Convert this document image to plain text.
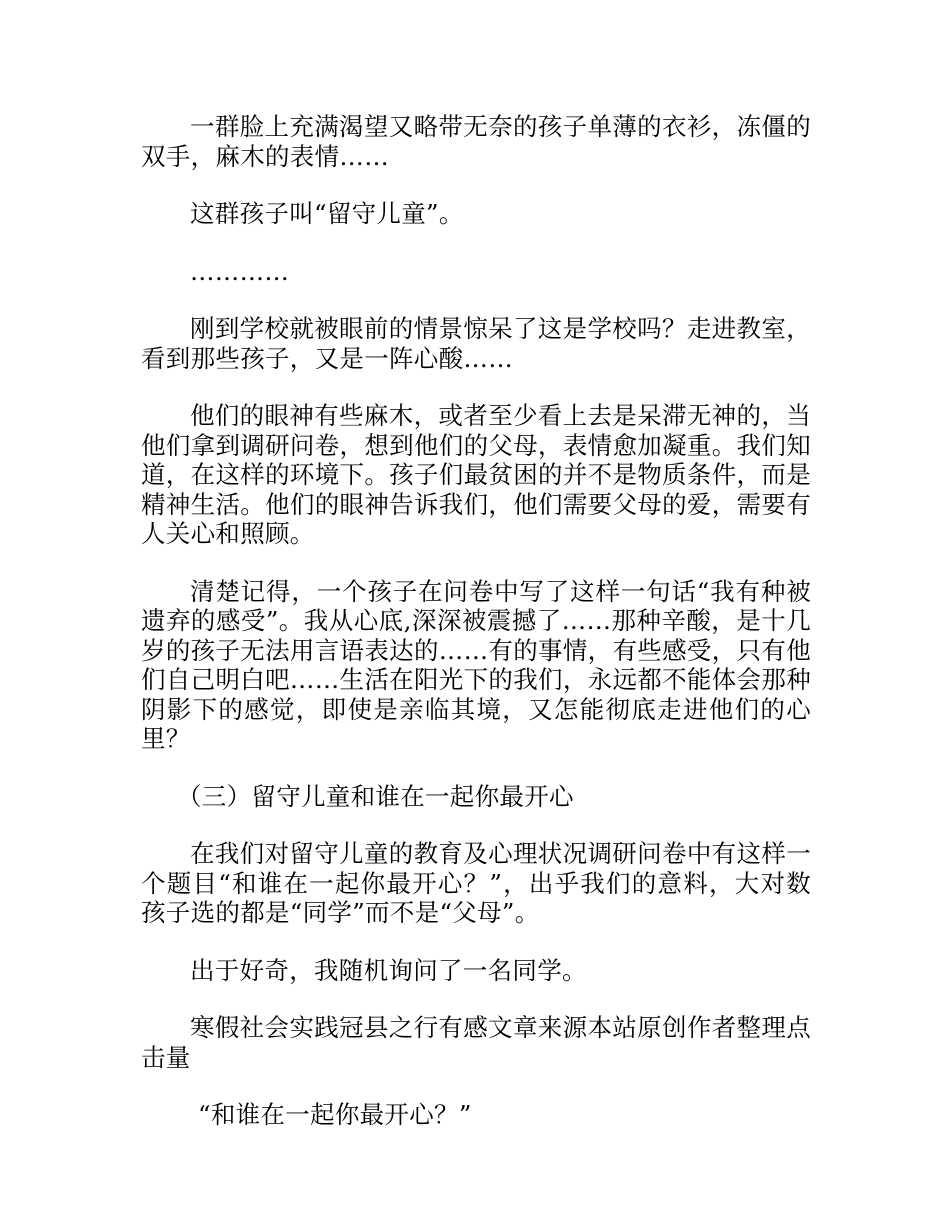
一群脸上充满渴望又略带无奈的孩子单薄的衣衫，冻僵的双手，麻木的表情……

这群孩子叫“留守儿童”。

…………

刚到学校就被眼前的情景惊呆了这是学校吗？走进教室，看到那些孩子，又是一阵心酸……

他们的眼神有些麻木，或者至少看上去是呆滞无神的，当他们拿到调研问卷，想到他们的父母，表情愈加凝重。我们知道，在这样的环境下。孩子们最贫困的并不是物质条件，而是精神生活。他们的眼神告诉我们，他们需要父母的爱，需要有人关心和照顾。

清楚记得，一个孩子在问卷中写了这样一句话“我有种被遗弃的感受”。我从心底,深深被震撼了……那种辛酸，是十几岁的孩子无法用言语表达的……有的事情，有些感受，只有他们自己明白吧……生活在阳光下的我们，永远都不能体会那种阴影下的感觉，即使是亲临其境，又怎能彻底走进他们的心里？

（三）留守儿童和谁在一起你最开心

在我们对留守儿童的教育及心理状况调研问卷中有这样一个题目“和谁在一起你最开心？”，出乎我们的意料，大对数孩子选的都是“同学”而不是“父母”。

出于好奇，我随机询问了一名同学。

寒假社会实践冠县之行有感文章来源本站原创作者整理点击量

“和谁在一起你最开心？”
